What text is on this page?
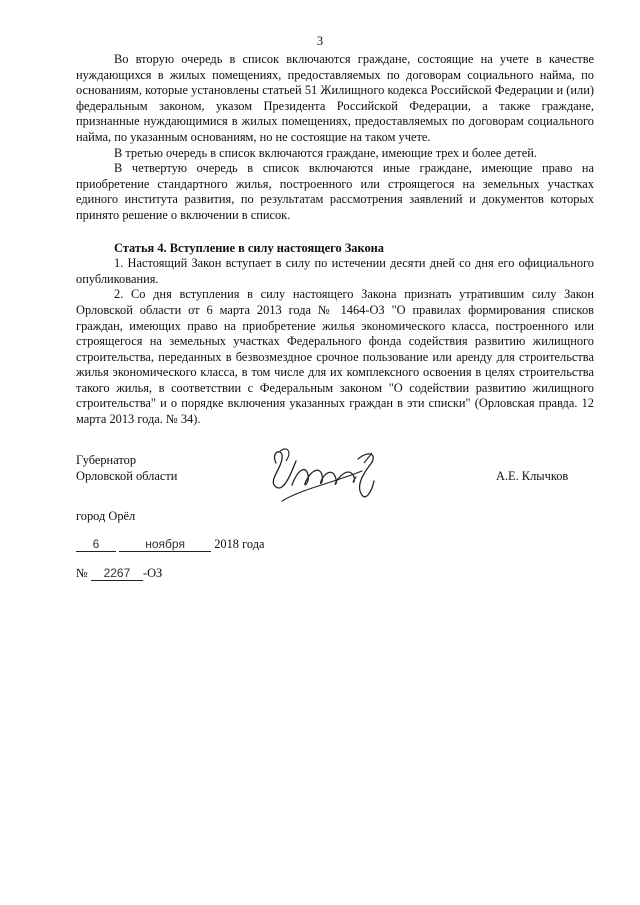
3

Во вторую очередь в список включаются граждане, состоящие на учете в качестве нуждающихся в жилых помещениях, предоставляемых по договорам социального найма, по основаниям, которые установлены статьей 51 Жилищного кодекса Российской Федерации и (или) федеральным законом, указом Президента Российской Федерации, а также граждане, признанные нуждающимися в жилых помещениях, предоставляемых по договорам социального найма, по указанным основаниям, но не состоящие на таком учете.

В третью очередь в список включаются граждане, имеющие трех и более детей.

В четвертую очередь в список включаются иные граждане, имеющие право на приобретение стандартного жилья, построенного или строящегося на земельных участках единого института развития, по результатам рассмотрения заявлений и документов которых принято решение о включении в список.

Статья 4. Вступление в силу настоящего Закона

1. Настоящий Закон вступает в силу по истечении десяти дней со дня его официального опубликования.

2. Со дня вступления в силу настоящего Закона признать утратившим силу Закон Орловской области от 6 марта 2013 года № 1464-ОЗ "О правилах формирования списков граждан, имеющих право на приобретение жилья экономического класса, построенного или строящегося на земельных участках Федерального фонда содействия развитию жилищного строительства, переданных в безвозмездное срочное пользование или аренду для строительства жилья экономического класса, в том числе для их комплексного освоения в целях строительства такого жилья, в соответствии с Федеральным законом "О содействии развитию жилищного строительства" и о порядке включения указанных граждан в эти списки" (Орловская правда. 12 марта 2013 года. № 34).

Губернатор
Орловской области	А.Е. Клычков
город Орёл
6	ноября 2018 года
№ 2267 -ОЗ
